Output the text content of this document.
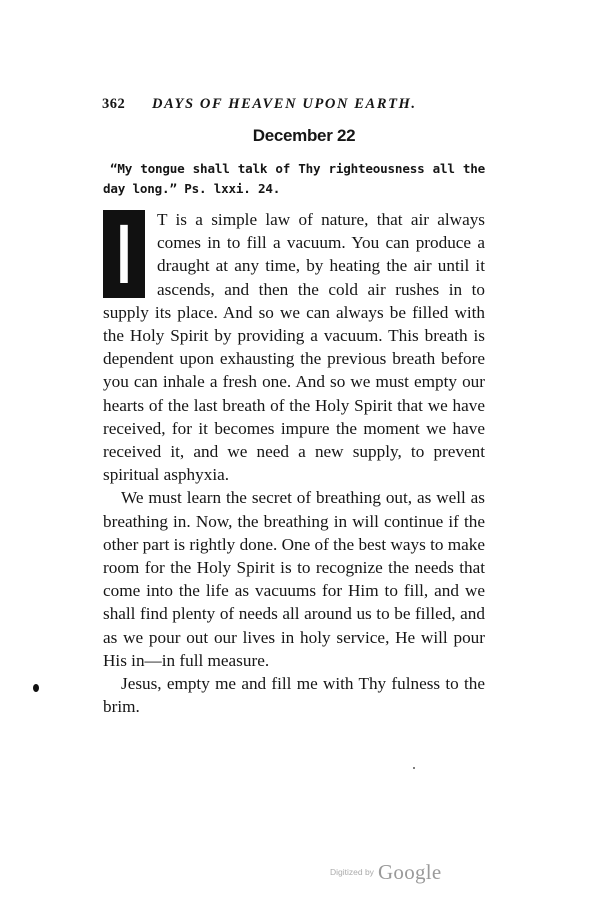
362 DAYS OF HEAVEN UPON EARTH.
December 22
“My tongue shall talk of Thy righteousness all the day long.” Ps. lxxi. 24.

I T is a simple law of nature, that air always comes in to fill a vacuum. You can produce a draught at any time, by heating the air until it ascends, and then the cold air rushes in to supply its place. And so we can always be filled with the Holy Spirit by providing a vacuum. This breath is dependent upon exhausting the previous breath before you can inhale a fresh one. And so we must empty our hearts of the last breath of the Holy Spirit that we have received, for it becomes impure the moment we have received it, and we need a new supply, to prevent spiritual asphyxia.

We must learn the secret of breathing out, as well as breathing in. Now, the breathing in will continue if the other part is rightly done. One of the best ways to make room for the Holy Spirit is to recognize the needs that come into the life as vacuums for Him to fill, and we shall find plenty of needs all around us to be filled, and as we pour out our lives in holy service, He will pour His in—in full measure.

Jesus, empty me and fill me with Thy fulness to the brim.

$^{Digitized by}$ Google
